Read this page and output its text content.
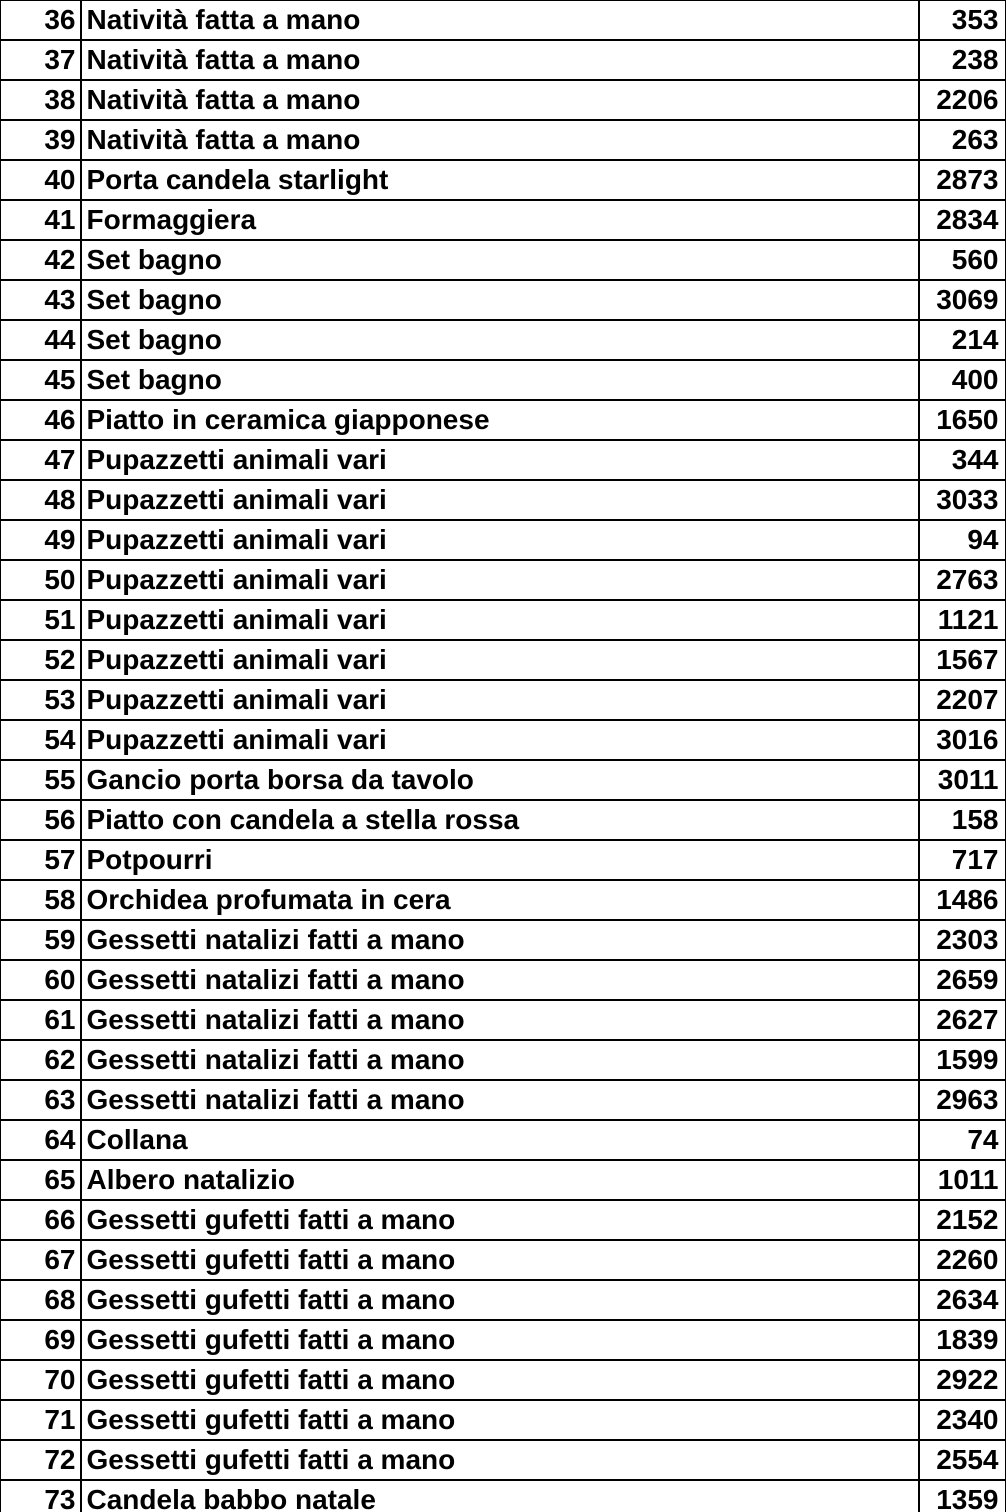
36	Natività fatta a mano	353
37	Natività fatta a mano	238
38	Natività fatta a mano	2206
39	Natività fatta a mano	263
40	Porta candela starlight	2873
41	Formaggiera	2834
42	Set bagno	560
43	Set bagno	3069
44	Set bagno	214
45	Set bagno	400
46	Piatto in ceramica giapponese	1650
47	Pupazzetti animali vari	344
48	Pupazzetti animali vari	3033
49	Pupazzetti animali vari	94
50	Pupazzetti animali vari	2763
51	Pupazzetti animali vari	1121
52	Pupazzetti animali vari	1567
53	Pupazzetti animali vari	2207
54	Pupazzetti animali vari	3016
55	Gancio porta borsa da tavolo	3011
56	Piatto con candela a stella rossa	158
57	Potpourri	717
58	Orchidea profumata in cera	1486
59	Gessetti natalizi fatti a mano	2303
60	Gessetti natalizi fatti a mano	2659
61	Gessetti natalizi fatti a mano	2627
62	Gessetti natalizi fatti a mano	1599
63	Gessetti natalizi fatti a mano	2963
64	Collana	74
65	Albero natalizio	1011
66	Gessetti gufetti fatti a mano	2152
67	Gessetti gufetti fatti a mano	2260
68	Gessetti gufetti fatti a mano	2634
69	Gessetti gufetti fatti a mano	1839
70	Gessetti gufetti fatti a mano	2922
71	Gessetti gufetti fatti a mano	2340
72	Gessetti gufetti fatti a mano	2554
73	Candela babbo natale	1359
